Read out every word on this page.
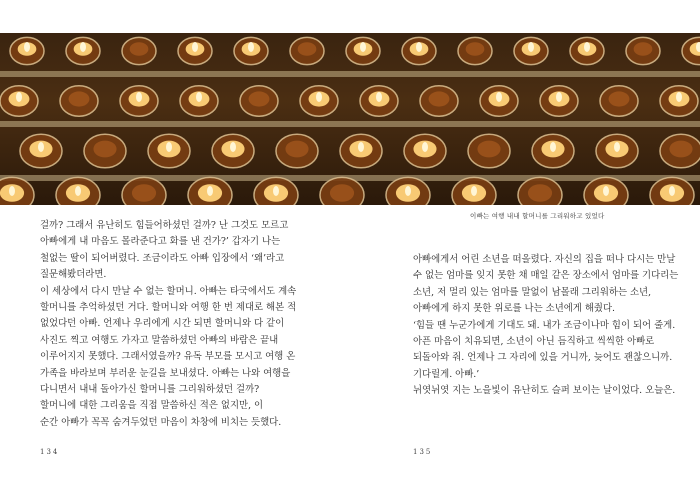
이빠는 여행 내내 할머니를 그리워하고 있었다

걸까? 그래서 유난히도 힘들어하셨던 걸까? 난 그것도 모르고

아빠에게 내 마음도 몰라준다고 화를 낸 건가?’ 갑자기 나는

철없는 딸이 되어버렸다. 조금이라도 아빠 입장에서 ‘왜’라고

질문해봤더라면.

이 세상에서 다시 만날 수 없는 할머니. 아빠는 타국에서도 계속

할머니를 추억하셨던 거다. 할머니와 여행 한 번 제대로 해본 적

없었다던 아빠. 언제나 우리에게 시간 되면 할머니와 다 같이

사진도 찍고 여행도 가자고 말씀하셨던 아빠의 바람은 끝내

이루어지지 못했다. 그래서였을까? 유독 부모를 모시고 여행 온

가족을 바라보며 부러운 눈길을 보내셨다. 아빠는 나와 여행을

다니면서 내내 돌아가신 할머니를 그리워하셨던 걸까?

할머니에 대한 그리움을 직접 말씀하신 적은 없지만, 이

순간 아빠가 꼭꼭 숨겨두었던 마음이 차창에 비치는 듯했다.

아빠에게서 어린 소년을 떠올렸다. 자신의 집을 떠나 다시는 만날

수 없는 엄마를 잊지 못한 채 매일 같은 장소에서 엄마를 기다리는

소년, 저 멀리 있는 엄마를 말없이 남몰래 그리워하는 소년,

아빠에게 하지 못한 위로를 나는 소년에게 해줬다.

‘힘들 땐 누군가에게 기대도 돼. 내가 조금이나마 힘이 되어 줄게.

아픈 마음이 치유되면, 소년이 아닌 듬직하고 씩씩한 아빠로

되돌아와 줘. 언제나 그 자리에 있을 거니까, 늦어도 괜찮으니까.

기다릴게. 아빠.’

뉘엿뉘엿 지는 노을빛이 유난히도 슬퍼 보이는 날이었다. 오늘은.

134	135
